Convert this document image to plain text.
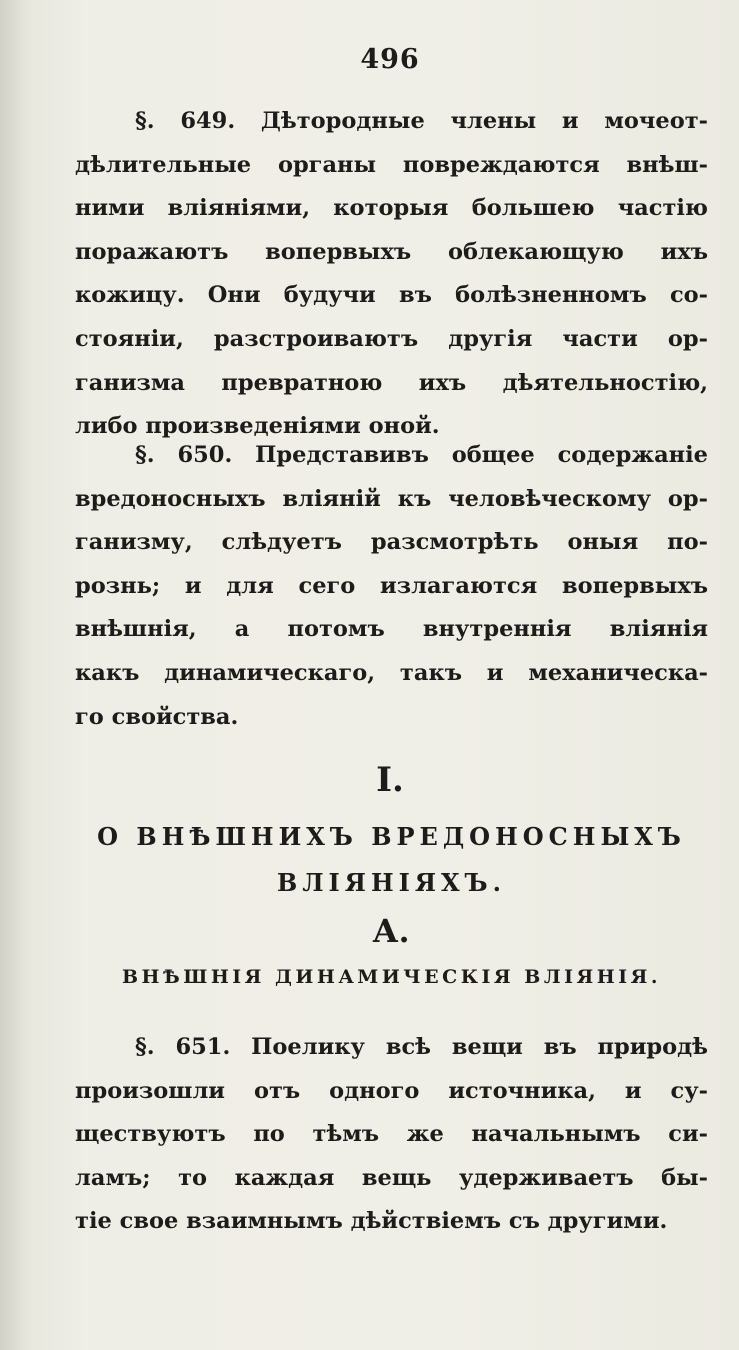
496

§. 649. Дѣтородные члены и мочеот-
дѣлительные органы повреждаются внѣш-
ними вліяніями, которыя большею частію
поражаютъ вопервыхъ облекающую ихъ
кожицу. Они будучи въ болѣзненномъ со-
стояніи, разстроиваютъ другія части ор-
ганизма превратною ихъ дѣятельностію,
либо произведеніями оной.

§. 650. Представивъ общее содержаніе
вредоносныхъ вліяній къ человѣческому ор-
ганизму, слѣдуетъ разсмотрѣть оныя по-
рознь; и для сего излагаются вопервыхъ
внѣшнія, а потомъ внутреннія вліянія
какъ динамическаго, такъ и механическа-
го свойства.

I.
О ВНѢШНИХЪ ВРЕДОНОСНЫХЪ
ВЛІЯНІЯХЪ.
А.
ВНѢШНІЯ ДИНАМИЧЕСКІЯ ВЛІЯНІЯ.

§. 651. Поелику всѣ вещи въ природѣ
произошли отъ одного источника, и су-
ществуютъ по тѣмъ же начальнымъ си-
ламъ; то каждая вещь удерживаетъ бы-
тіе свое взаимнымъ дѣйствіемъ съ другими.
